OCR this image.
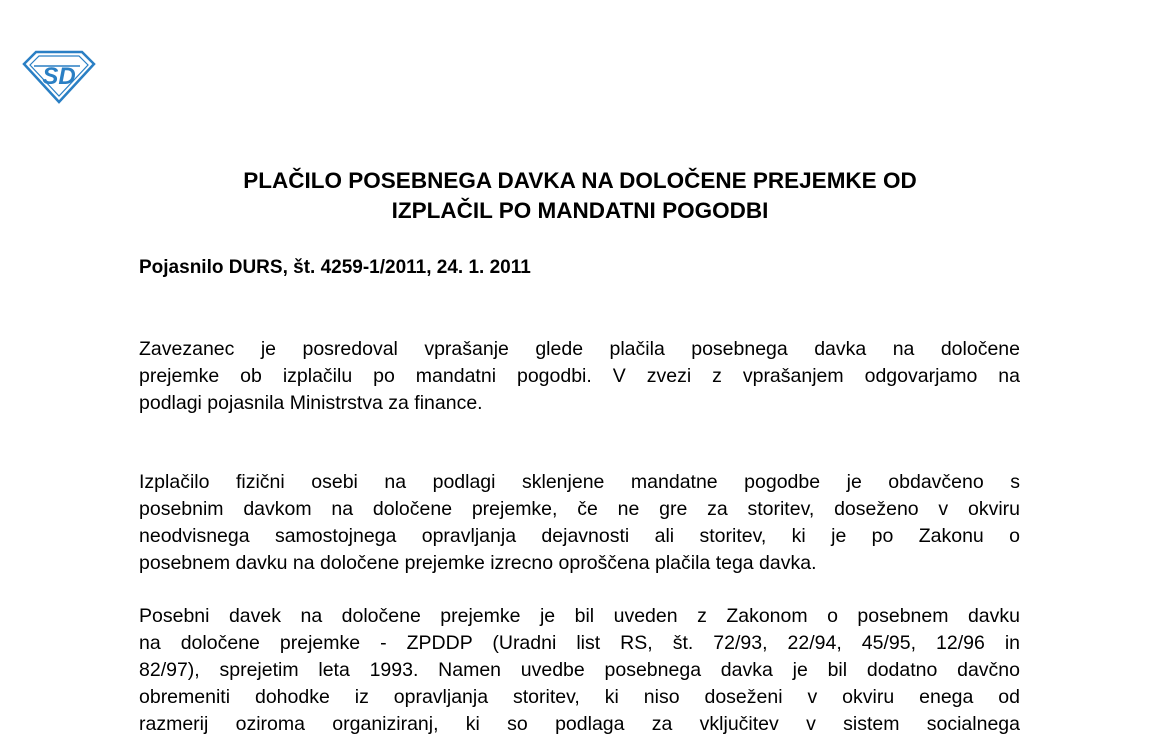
SD
PLAČILO POSEBNEGA DAVKA NA DOLOČENE PREJEMKE OD
IZPLAČIL PO MANDATNI POGODBI

Pojasnilo DURS, št. 4259-1/2011, 24. 1. 2011

Zavezanec je posredoval vprašanje glede plačila posebnega davka na določene
prejemke ob izplačilu po mandatni pogodbi. V zvezi z vprašanjem odgovarjamo na
podlagi pojasnila Ministrstva za finance.
Izplačilo fizični osebi na podlagi sklenjene mandatne pogodbe je obdavčeno s
posebnim davkom na določene prejemke, če ne gre za storitev, doseženo v okviru
neodvisnega samostojnega opravljanja dejavnosti ali storitev, ki je po Zakonu o
posebnem davku na določene prejemke izrecno oproščena plačila tega davka.
Posebni davek na določene prejemke je bil uveden z Zakonom o posebnem davku
na določene prejemke - ZPDDP (Uradni list RS, št. 72/93, 22/94, 45/95, 12/96 in
82/97), sprejetim leta 1993. Namen uvedbe posebnega davka je bil dodatno davčno
obremeniti dohodke iz opravljanja storitev, ki niso doseženi v okviru enega od
razmerij oziroma organiziranj, ki so podlaga za vključitev v sistem socialnega
